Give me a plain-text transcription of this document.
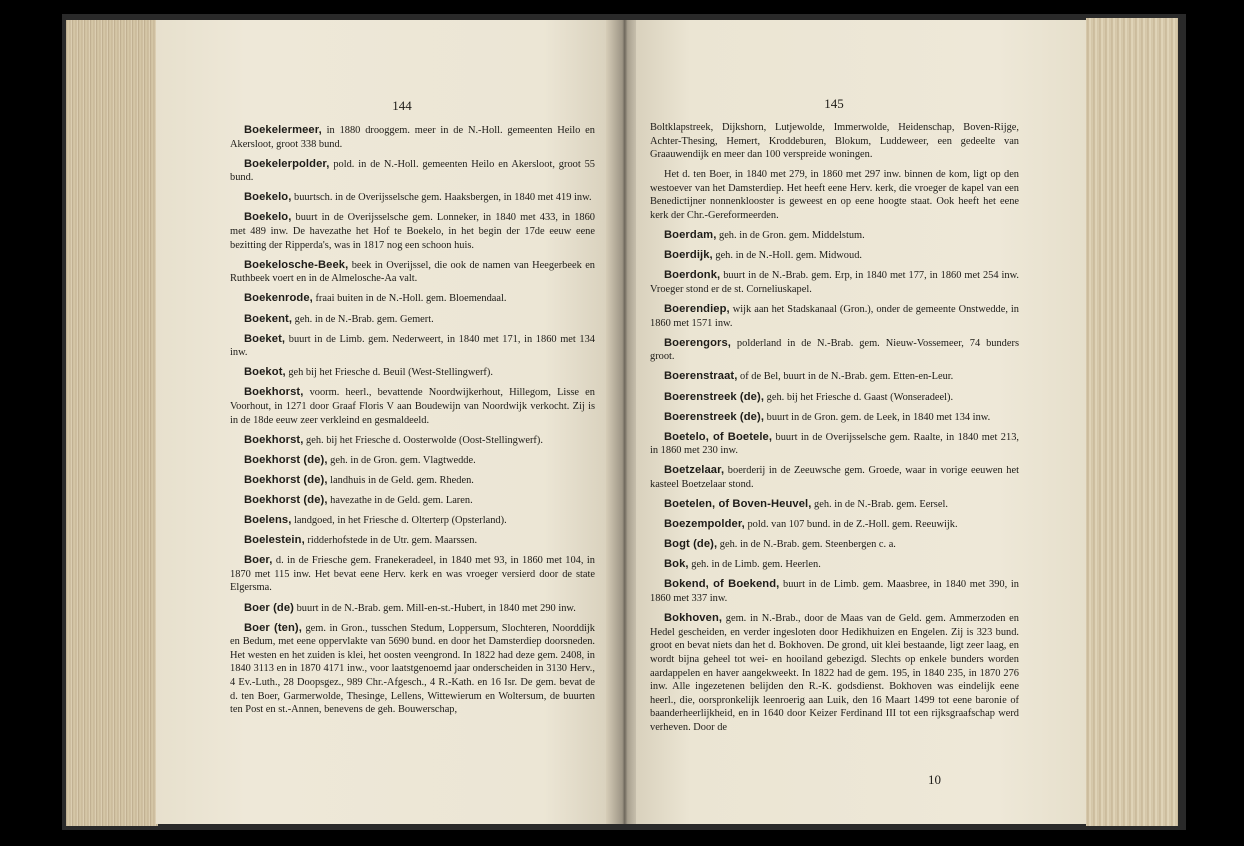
144

Boekelermeer, in 1880 drooggem. meer in de N.-Holl. gemeenten Heilo en Akersloot, groot 338 bund.

Boekelerpolder, pold. in de N.-Holl. gemeenten Heilo en Akersloot, groot 55 bund.

Boekelo, buurtsch. in de Overijsselsche gem. Haaksbergen, in 1840 met 419 inw.

Boekelo, buurt in de Overijsselsche gem. Lonneker, in 1840 met 433, in 1860 met 489 inw. De havezathe het Hof te Boekelo, in het begin der 17de eeuw eene bezitting der Ripperda's, was in 1817 nog een schoon huis.

Boekelosche-Beek, beek in Overijssel, die ook de namen van Heegerbeek en Ruthbeek voert en in de Almelosche-Aa valt.

Boekenrode, fraai buiten in de N.-Holl. gem. Bloemendaal.

Boekent, geh. in de N.-Brab. gem. Gemert.

Boeket, buurt in de Limb. gem. Nederweert, in 1840 met 171, in 1860 met 134 inw.

Boekot, geh bij het Friesche d. Beuil (West-Stellingwerf).

Boekhorst, voorm. heerl., bevattende Noordwijkerhout, Hillegom, Lisse en Voorhout, in 1271 door Graaf Floris V aan Boudewijn van Noordwijk verkocht. Zij is in de 18de eeuw zeer verkleind en gesmaldeeld.

Boekhorst, geh. bij het Friesche d. Oosterwolde (Oost-Stellingwerf).

Boekhorst (de), geh. in de Gron. gem. Vlagtwedde.

Boekhorst (de), landhuis in de Geld. gem. Rheden.

Boekhorst (de), havezathe in de Geld. gem. Laren.

Boelens, landgoed, in het Friesche d. Olterterp (Opsterland).

Boelestein, ridderhofstede in de Utr. gem. Maarssen.

Boer, d. in de Friesche gem. Franekeradeel, in 1840 met 93, in 1860 met 104, in 1870 met 115 inw. Het bevat eene Herv. kerk en was vroeger versierd door de state Elgersma.

Boer (de) buurt in de N.-Brab. gem. Mill-en-st.-Hubert, in 1840 met 290 inw.

Boer (ten), gem. in Gron., tusschen Stedum, Loppersum, Slochteren, Noorddijk en Bedum, met eene oppervlakte van 5690 bund. en door het Damsterdiep doorsneden. Het westen en het zuiden is klei, het oosten veengrond. In 1822 had deze gem. 2408, in 1840 3113 en in 1870 4171 inw., voor laatstgenoemd jaar onderscheiden in 3130 Herv., 4 Ev.-Luth., 28 Doopsgez., 989 Chr.-Afgesch., 4 R.-Kath. en 16 Isr. De gem. bevat de d. ten Boer, Garmerwolde, Thesinge, Lellens, Wittewierum en Woltersum, de buurten ten Post en st.-Annen, benevens de geh. Bouwerschap,

145

Boltklapstreek, Dijkshorn, Lutjewolde, Immerwolde, Heidenschap, Boven-Rijge, Achter-Thesing, Hemert, Kroddeburen, Blokum, Luddeweer, een gedeelte van Graauwendijk en meer dan 100 verspreide woningen.

Het d. ten Boer, in 1840 met 279, in 1860 met 297 inw. binnen de kom, ligt op den westoever van het Damsterdiep. Het heeft eene Herv. kerk, die vroeger de kapel van een Benedictijner nonnenklooster is geweest en op eene hoogte staat. Ook heeft het eene kerk der Chr.-Gereformeerden.

Boerdam, geh. in de Gron. gem. Middelstum.

Boerdijk, geh. in de N.-Holl. gem. Midwoud.

Boerdonk, buurt in de N.-Brab. gem. Erp, in 1840 met 177, in 1860 met 254 inw. Vroeger stond er de st. Corneliuskapel.

Boerendiep, wijk aan het Stadskanaal (Gron.), onder de gemeente Onstwedde, in 1860 met 1571 inw.

Boerengors, polderland in de N.-Brab. gem. Nieuw-Vossemeer, 74 bunders groot.

Boerenstraat, of de Bel, buurt in de N.-Brab. gem. Etten-en-Leur.

Boerenstreek (de), geh. bij het Friesche d. Gaast (Wonseradeel).

Boerenstreek (de), buurt in de Gron. gem. de Leek, in 1840 met 134 inw.

Boetelo, of Boetele, buurt in de Overijsselsche gem. Raalte, in 1840 met 213, in 1860 met 230 inw.

Boetzelaar, boerderij in de Zeeuwsche gem. Groede, waar in vorige eeuwen het kasteel Boetzelaar stond.

Boetelen, of Boven-Heuvel, geh. in de N.-Brab. gem. Eersel.

Boezempolder, pold. van 107 bund. in de Z.-Holl. gem. Reeuwijk.

Bogt (de), geh. in de N.-Brab. gem. Steenbergen c. a.

Bok, geh. in de Limb. gem. Heerlen.

Bokend, of Boekend, buurt in de Limb. gem. Maasbree, in 1840 met 390, in 1860 met 337 inw.

Bokhoven, gem. in N.-Brab., door de Maas van de Geld. gem. Ammerzoden en Hedel gescheiden, en verder ingesloten door Hedikhuizen en Engelen. Zij is 323 bund. groot en bevat niets dan het d. Bokhoven. De grond, uit klei bestaande, ligt zeer laag, en wordt bijna geheel tot wei- en hooiland gebezigd. Slechts op enkele bunders worden aardappelen en haver aangekweekt. In 1822 had de gem. 195, in 1840 235, in 1870 276 inw. Alle ingezetenen belijden den R.-K. godsdienst. Bokhoven was eindelijk eene heerl., die, oorspronkelijk leenroerig aan Luik, den 16 Maart 1499 tot eene baronie of baanderheerlijkheid, en in 1640 door Keizer Ferdinand III tot een rijksgraafschap werd verheven. Door de

10
